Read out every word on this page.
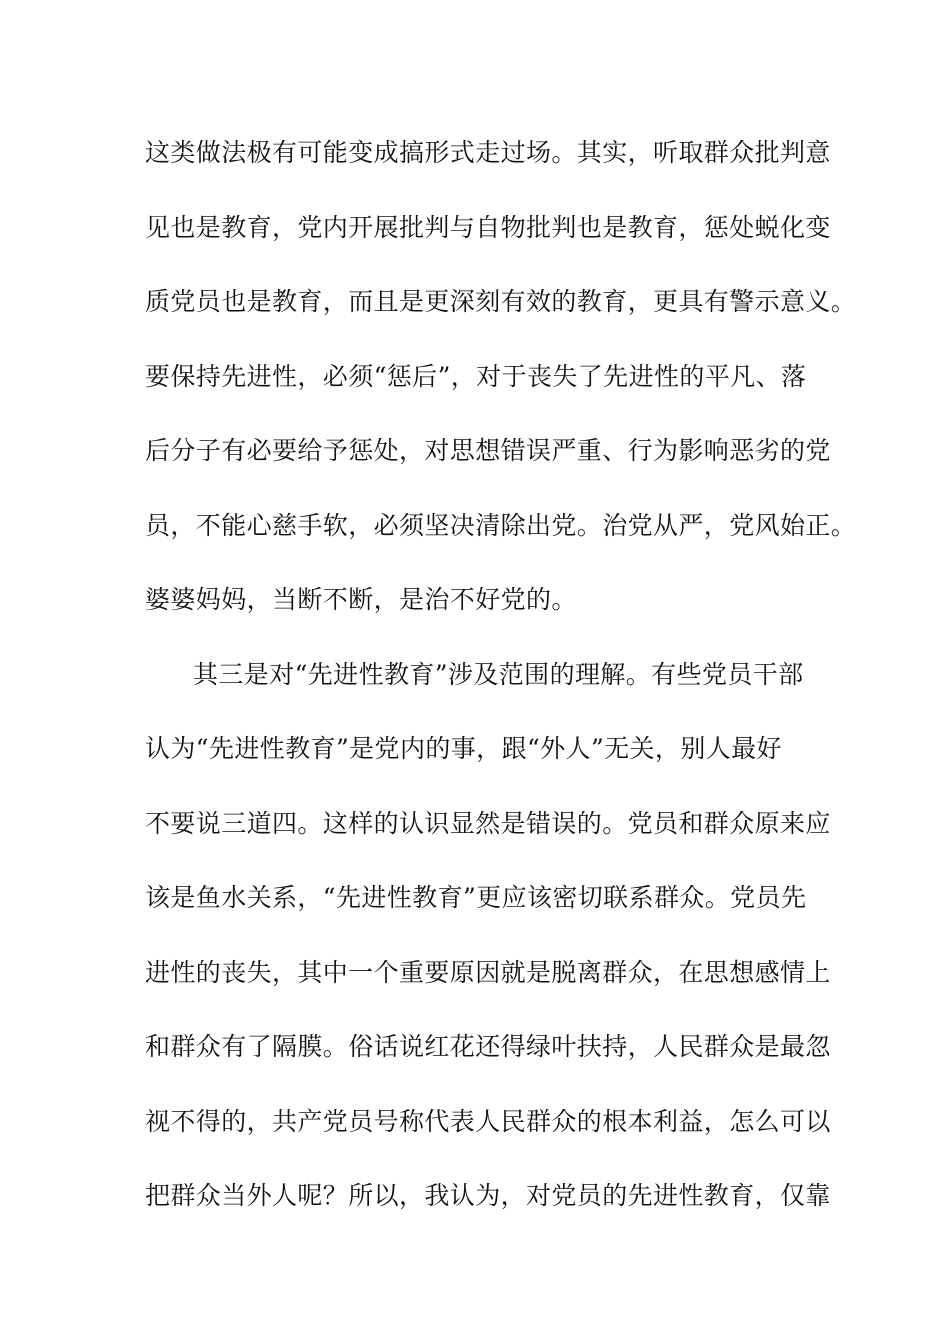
这类做法极有可能变成搞形式走过场。其实，听取群众批判意
见也是教育，党内开展批判与自物批判也是教育，惩处蜕化变
质党员也是教育，而且是更深刻有效的教育，更具有警示意义。
要保持先进性，必须“惩后”，对于丧失了先进性的平凡、落
后分子有必要给予惩处，对思想错误严重、行为影响恶劣的党
员，不能心慈手软，必须坚决清除出党。治党从严，党风始正。
婆婆妈妈，当断不断，是治不好党的。
其三是对“先进性教育”涉及范围的理解。有些党员干部
认为“先进性教育”是党内的事，跟“外人”无关，别人最好
不要说三道四。这样的认识显然是错误的。党员和群众原来应
该是鱼水关系，“先进性教育”更应该密切联系群众。党员先
进性的丧失，其中一个重要原因就是脱离群众，在思想感情上
和群众有了隔膜。俗话说红花还得绿叶扶持，人民群众是最忽
视不得的，共产党员号称代表人民群众的根本利益，怎么可以
把群众当外人呢？所以，我认为，对党员的先进性教育，仅靠
